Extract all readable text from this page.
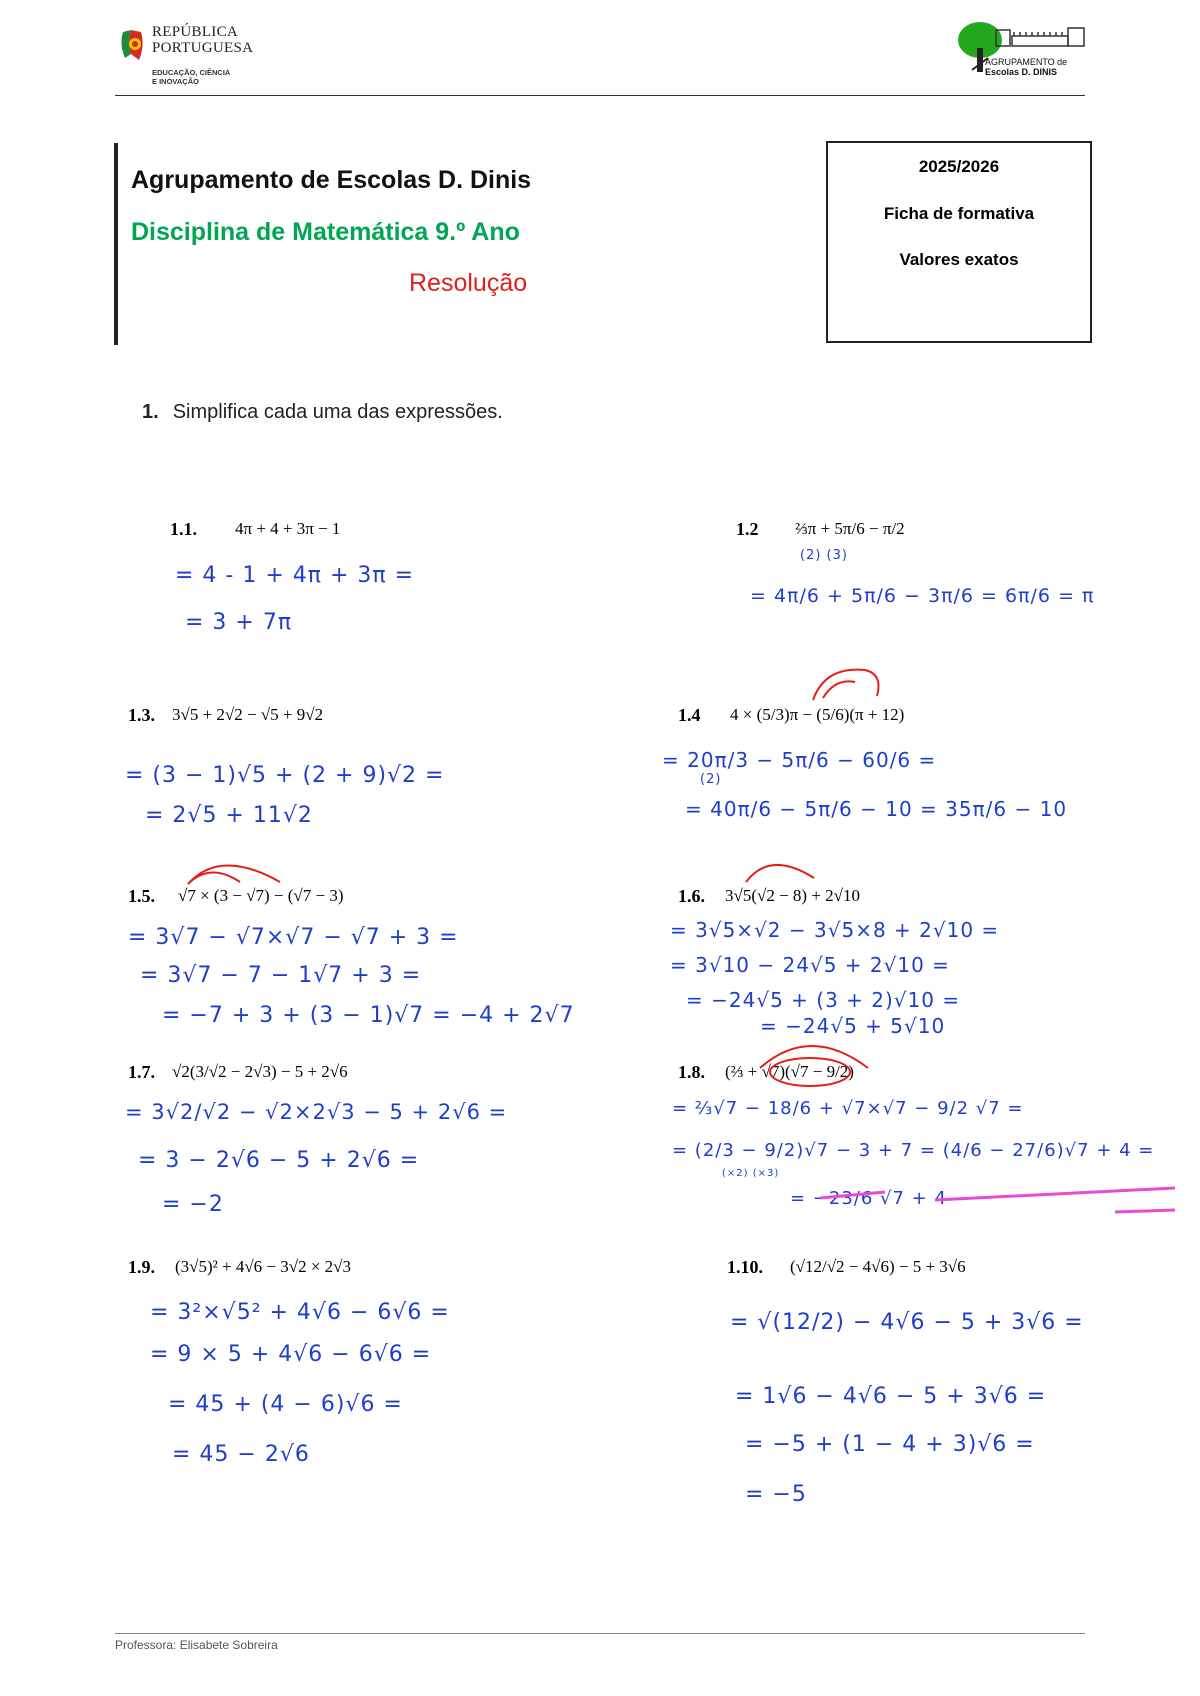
REPÚBLICA
PORTUGUESA
EDUCAÇÃO, CIÊNCIA
E INOVAÇÃO
AGRUPAMENTO de
Escolas D. DINIS
Agrupamento de Escolas D. Dinis
Disciplina de Matemática 9.º Ano
Resolução
2025/2026
Ficha de formativa
Valores exatos
1. Simplifica cada uma das expressões.
1.1. 4π + 4 + 3π − 1
= 4 - 1 + 4π + 3π =
= 3 + 7π
1.2 ⅔π + 5π/6 − π/2
(2) (3)
= 4π/6 + 5π/6 − 3π/6 = 6π/6 = π
1.3. 3√5 + 2√2 − √5 + 9√2
= (3 − 1)√5 + (2 + 9)√2 =
= 2√5 + 11√2
1.4 4 × (5/3)π − (5/6)(π + 12)
= 20π/3 − 5π/6 − 60/6 =
(2)
= 40π/6 − 5π/6 − 10 = 35π/6 − 10
1.5. √7 × (3 − √7) − (√7 − 3)
= 3√7 − √7×√7 − √7 + 3 =
= 3√7 − 7 − 1√7 + 3 =
= −7 + 3 + (3 − 1)√7 = −4 + 2√7
1.6. 3√5(√2 − 8) + 2√10
= 3√5×√2 − 3√5×8 + 2√10 =
= 3√10 − 24√5 + 2√10 =
= −24√5 + (3 + 2)√10 =
= −24√5 + 5√10
1.7. √2(3/√2 − 2√3) − 5 + 2√6
= 3√2/√2 − √2×2√3 − 5 + 2√6 =
= 3 − 2√6 − 5 + 2√6 =
= −2
1.8. (⅔ + √7)(√7 − 9/2)
= ⅔√7 − 18/6 + √7×√7 − 9/2 √7 =
= (2/3 − 9/2)√7 − 3 + 7 = (4/6 − 27/6)√7 + 4 =
(×2) (×3)
= −23/6 √7 + 4
1.9. (3√5)² + 4√6 − 3√2 × 2√3
= 3²×√5² + 4√6 − 6√6 =
= 9 × 5 + 4√6 − 6√6 =
= 45 + (4 − 6)√6 =
= 45 − 2√6
1.10. (√12/√2 − 4√6) − 5 + 3√6
= √(12/2) − 4√6 − 5 + 3√6 =
= 1√6 − 4√6 − 5 + 3√6 =
= −5 + (1 − 4 + 3)√6 =
= −5
Professora: Elisabete Sobreira
